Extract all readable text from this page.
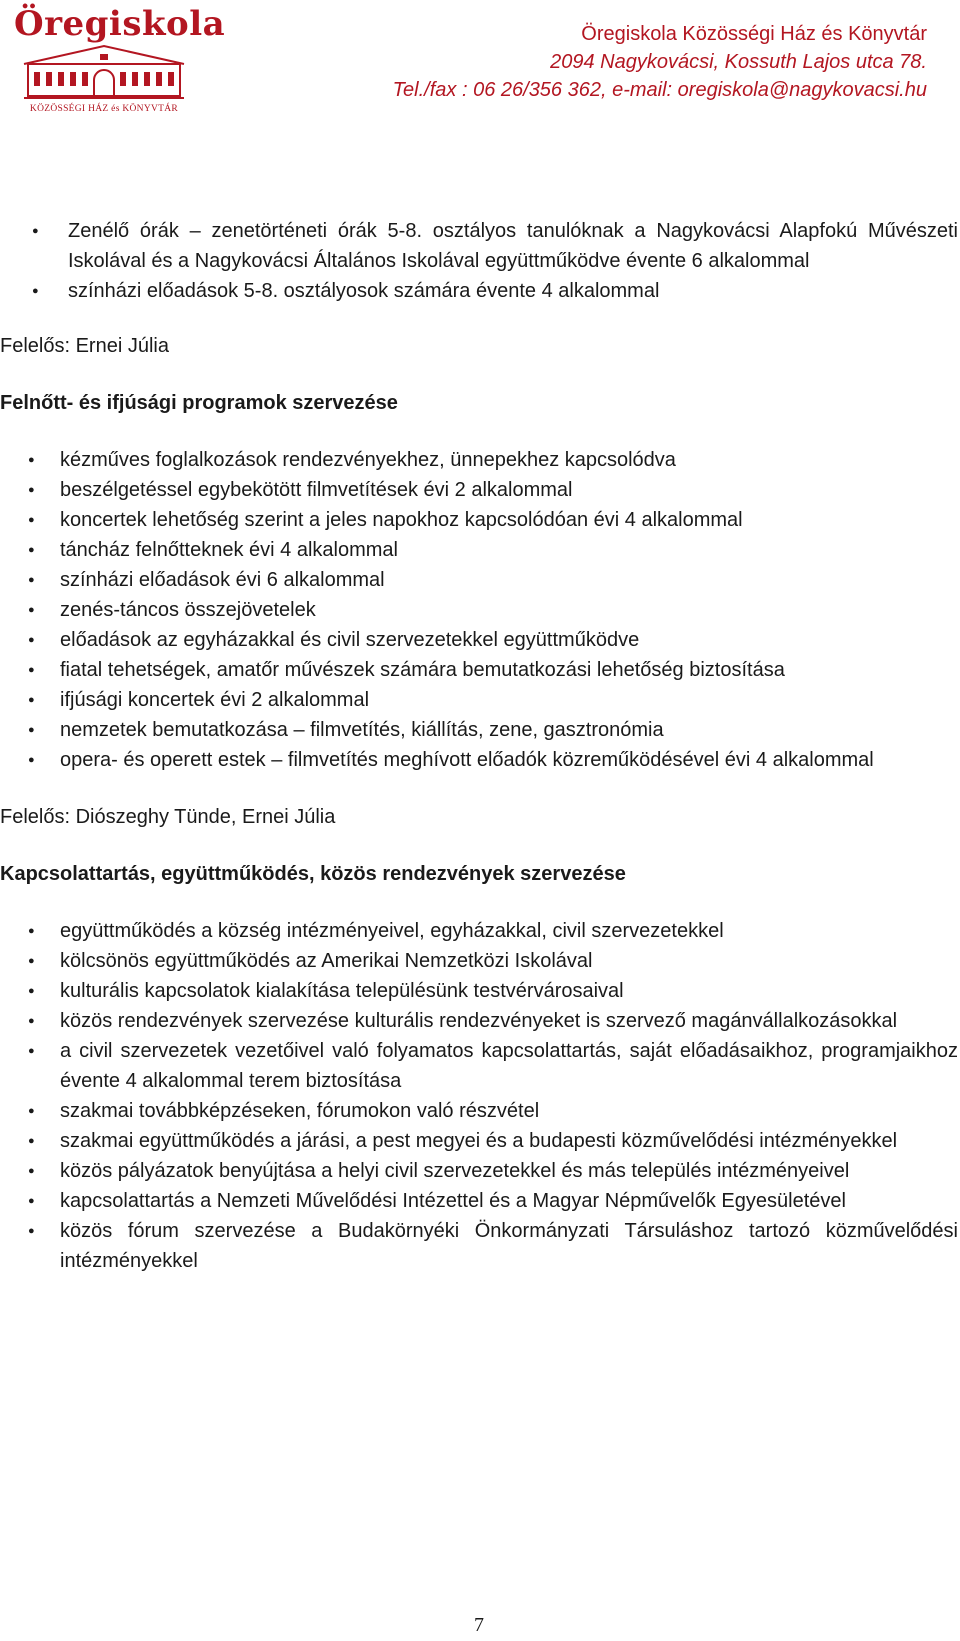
Öregiskola
KÖZÖSSÉGI HÁZ és KÖNYVTÁR
Öregiskola Közösségi Ház és Könyvtár
2094 Nagykovácsi, Kossuth Lajos utca 78.
Tel./fax : 06 26/356 362, e-mail: oregiskola@nagykovacsi.hu
● Zenélő órák – zenetörténeti órák 5-8. osztályos tanulóknak a Nagykovácsi Alapfokú Művészeti Iskolával és a Nagykovácsi Általános Iskolával együttműködve évente 6 alkalommal
● színházi előadások 5-8. osztályosok számára évente 4 alkalommal

Felelős: Ernei Júlia

Felnőtt- és ifjúsági programok szervezése

● kézműves foglalkozások rendezvényekhez, ünnepekhez kapcsolódva
● beszélgetéssel egybekötött filmvetítések évi 2 alkalommal
● koncertek lehetőség szerint a jeles napokhoz kapcsolódóan évi 4 alkalommal
● táncház felnőtteknek évi 4 alkalommal
● színházi előadások évi 6 alkalommal
● zenés-táncos összejövetelek
● előadások az egyházakkal és civil szervezetekkel együttműködve
● fiatal tehetségek, amatőr művészek számára bemutatkozási lehetőség biztosítása
● ifjúsági koncertek évi 2 alkalommal
● nemzetek bemutatkozása – filmvetítés, kiállítás, zene, gasztronómia
● opera- és operett estek – filmvetítés meghívott előadók közreműködésével évi 4 alkalommal

Felelős: Diószeghy Tünde, Ernei Júlia

Kapcsolattartás, együttműködés, közös rendezvények szervezése

● együttműködés a község intézményeivel, egyházakkal, civil szervezetekkel
● kölcsönös együttműködés az Amerikai Nemzetközi Iskolával
● kulturális kapcsolatok kialakítása településünk testvérvárosaival
● közös rendezvények szervezése kulturális rendezvényeket is szervező magánvállalkozásokkal
● a civil szervezetek vezetőivel való folyamatos kapcsolattartás, saját előadásaikhoz, programjaikhoz évente 4 alkalommal terem biztosítása
● szakmai továbbképzéseken, fórumokon való részvétel
● szakmai együttműködés a járási, a pest megyei és a budapesti közművelődési intézményekkel
● közös pályázatok benyújtása a helyi civil szervezetekkel és más település intézményeivel
● kapcsolattartás a Nemzeti Művelődési Intézettel és a Magyar Népművelők Egyesületével
● közös fórum szervezése a Budakörnyéki Önkormányzati Társuláshoz tartozó közművelődési intézményekkel
7
